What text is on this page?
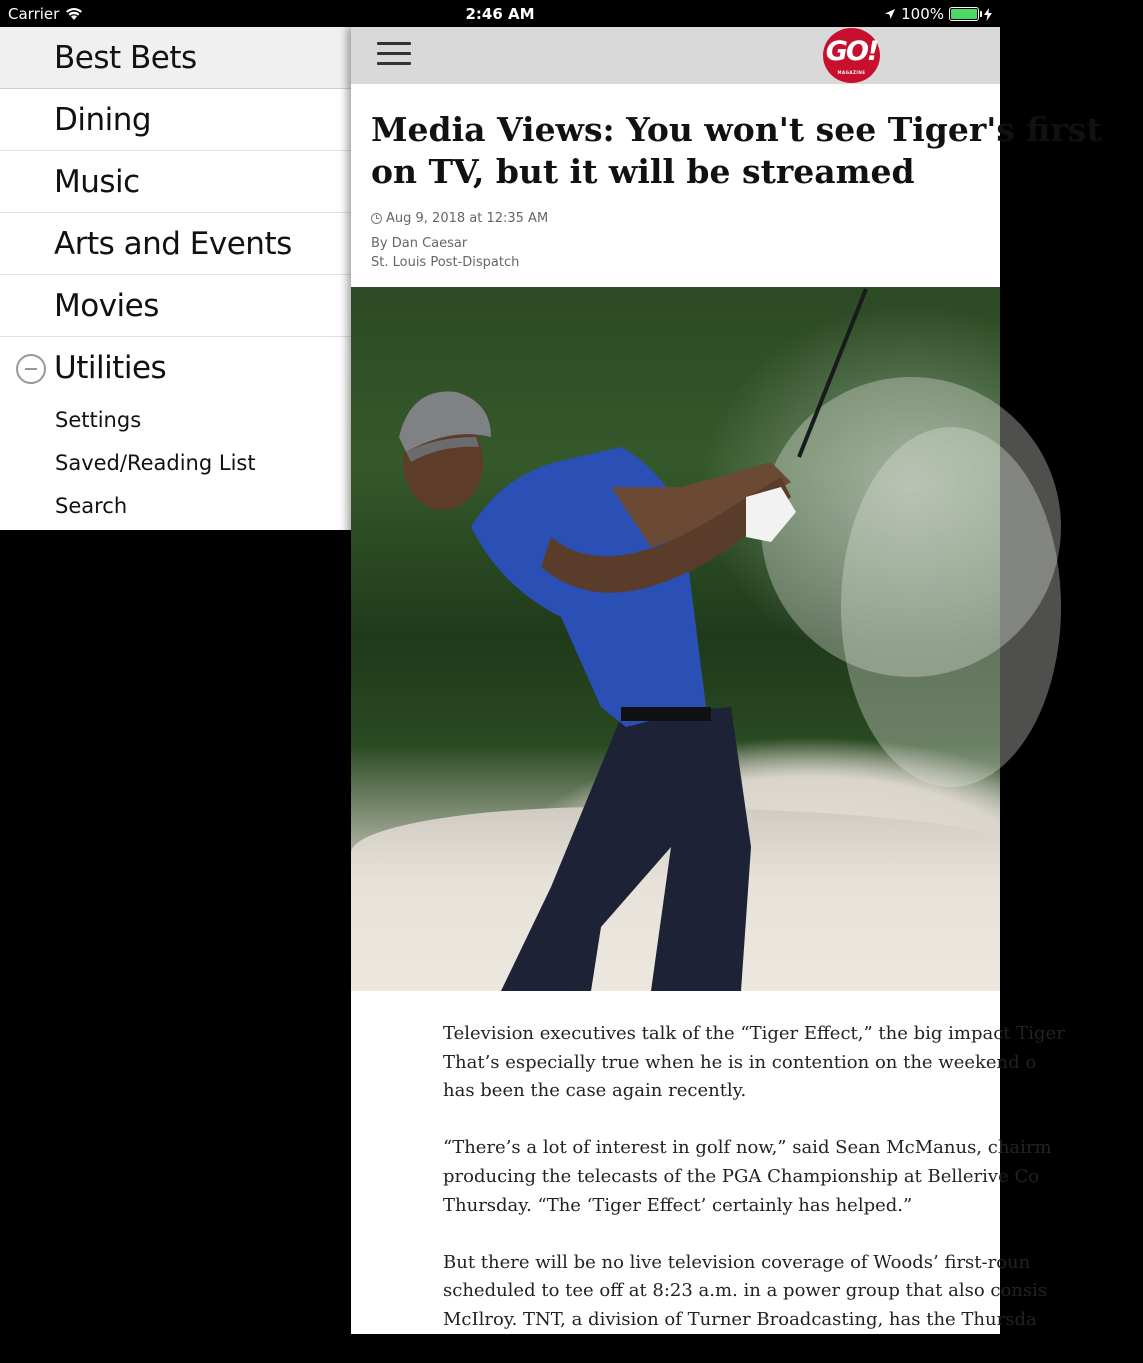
Carrier	2:46 AM	100%
Best Bets
Dining
Music
Arts and Events
Movies
Utilities
Settings
Saved/Reading List
Search
GO!
MAGAZINE
Media Views: You won't see Tiger's first
on TV, but it will be streamed
Aug 9, 2018 at 12:35 AM
By Dan Caesar
St. Louis Post-Dispatch

Television executives talk of the “Tiger Effect,” the big impact Tiger
That’s especially true when he is in contention on the weekend o
has been the case again recently.

“There’s a lot of interest in golf now,” said Sean McManus, chairm
producing the telecasts of the PGA Championship at Bellerive Co
Thursday. “The ‘Tiger Effect’ certainly has helped.”

But there will be no live television coverage of Woods’ first-roun
scheduled to tee off at 8:23 a.m. in a power group that also consis
McIlroy. TNT, a division of Turner Broadcasting, has the Thursda
